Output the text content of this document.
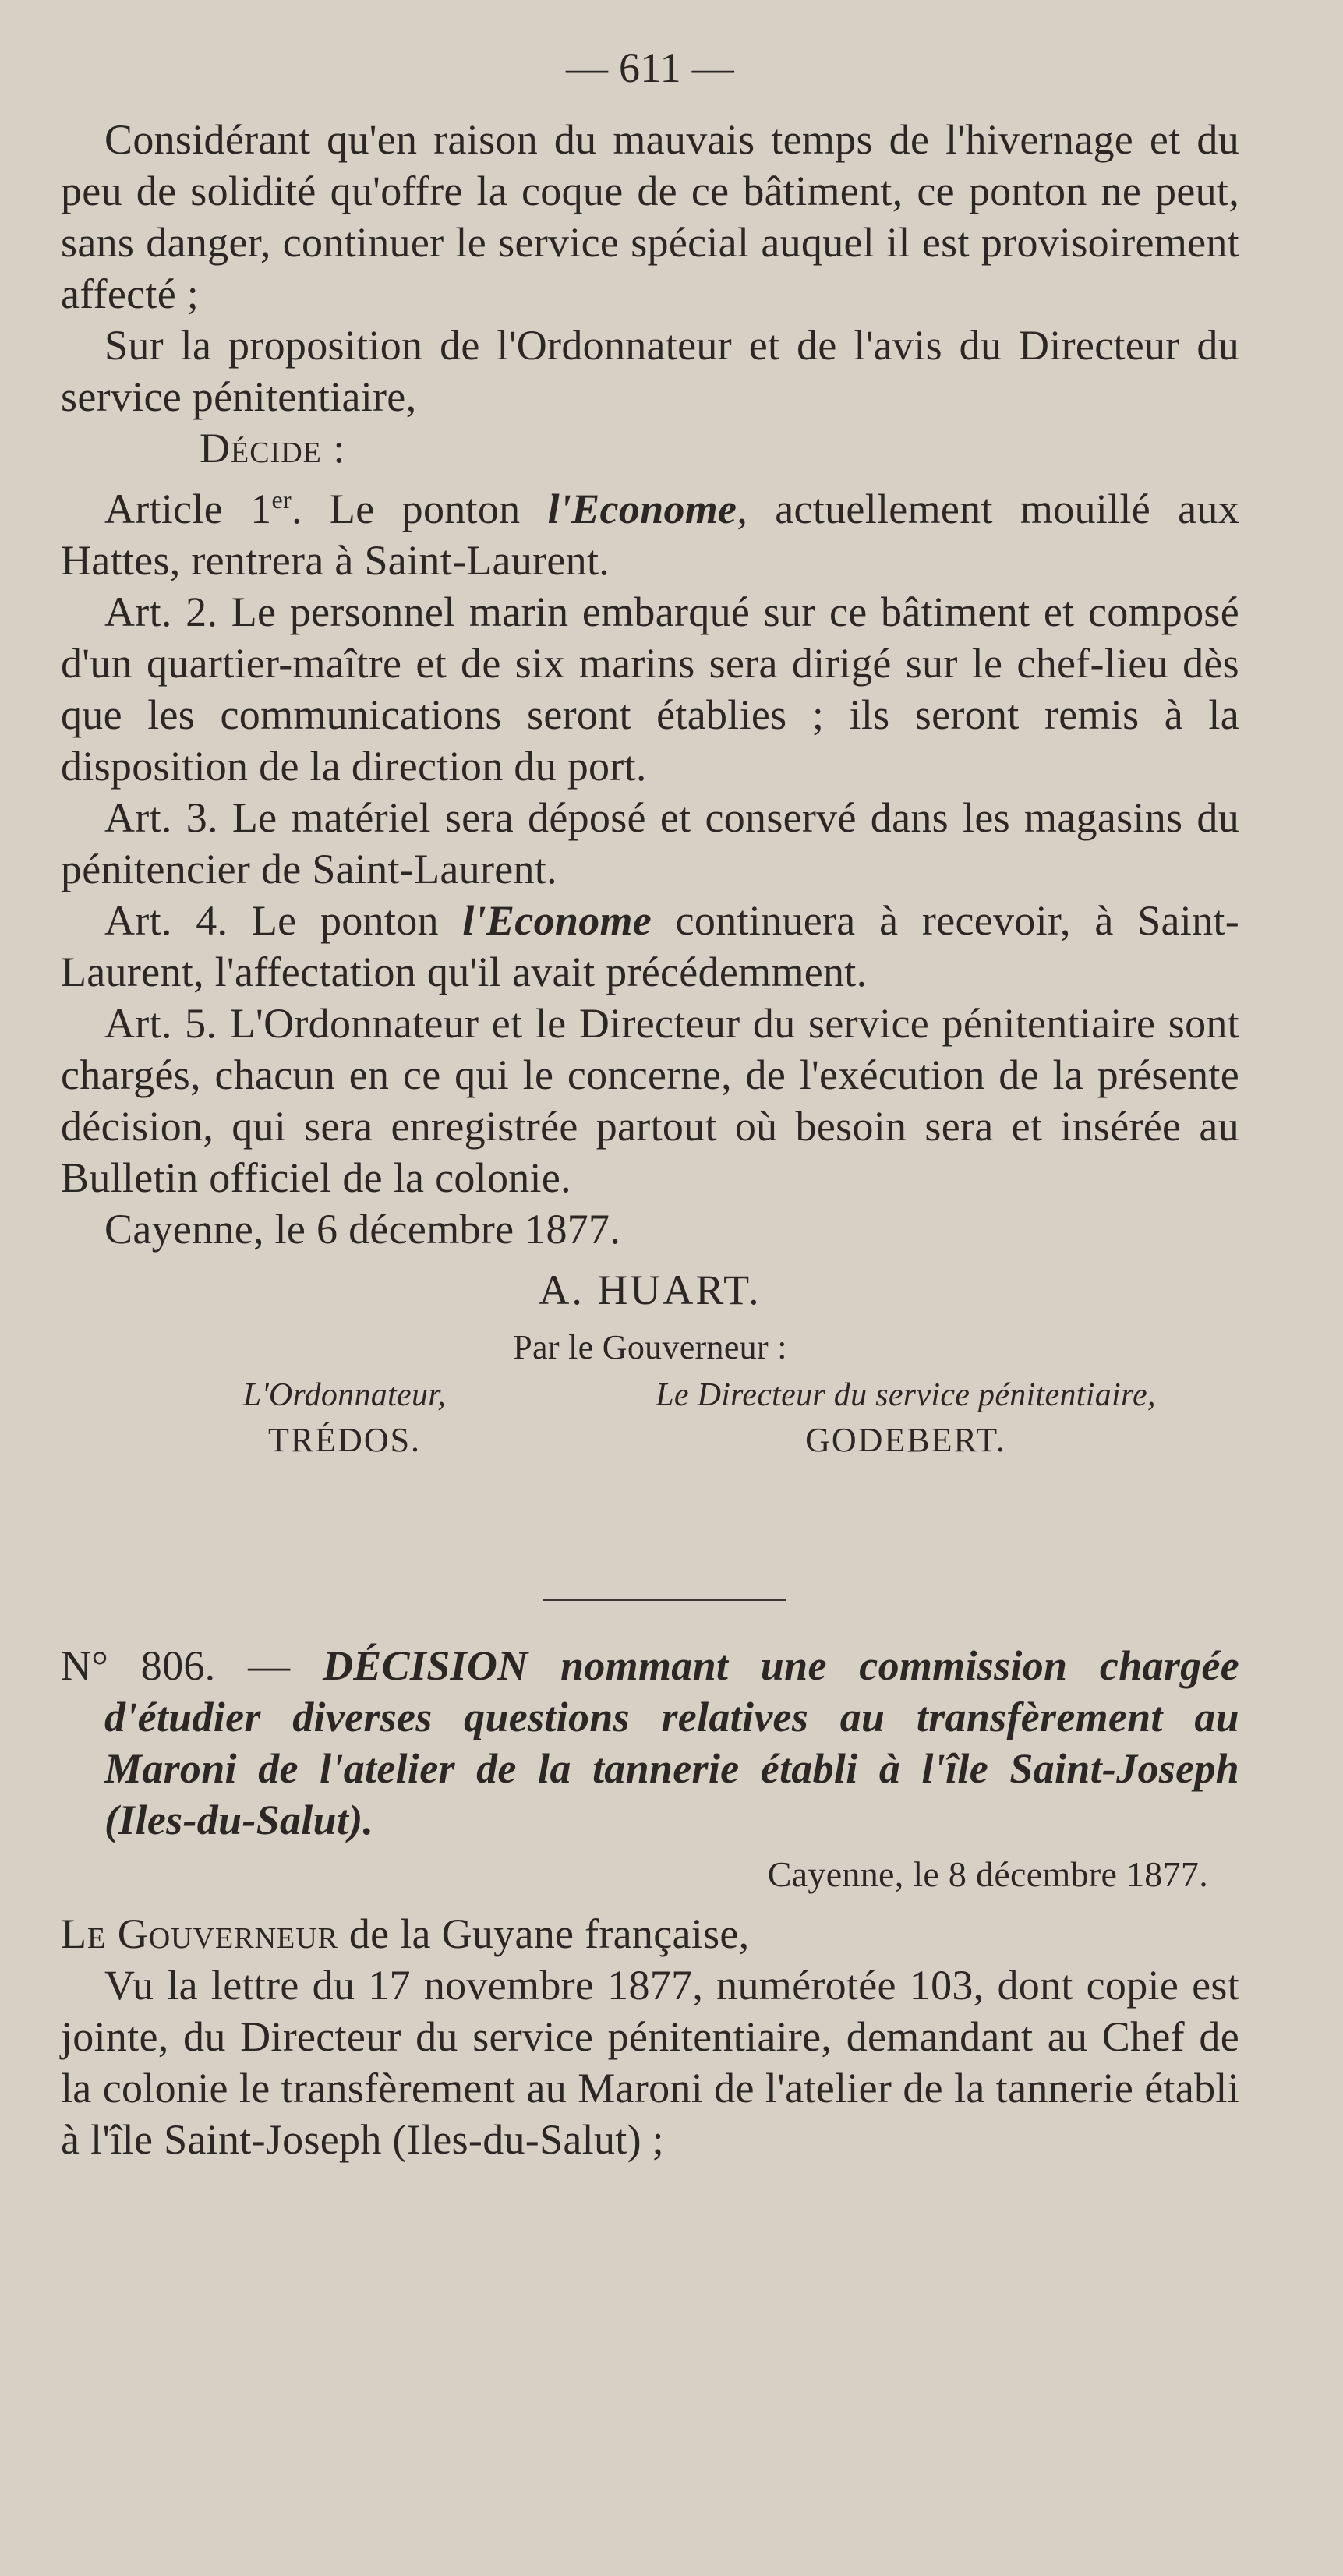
— 611 —

Considérant qu'en raison du mauvais temps de l'hivernage et du peu de solidité qu'offre la coque de ce bâtiment, ce ponton ne peut, sans danger, continuer le service spécial auquel il est provisoirement affecté ;

Sur la proposition de l'Ordonnateur et de l'avis du Directeur du service pénitentiaire,

Décide :

Article 1er. Le ponton l'Econome, actuellement mouillé aux Hattes, rentrera à Saint-Laurent.

Art. 2. Le personnel marin embarqué sur ce bâtiment et composé d'un quartier-maître et de six marins sera dirigé sur le chef-lieu dès que les communications seront établies ; ils seront remis à la disposition de la direction du port.

Art. 3. Le matériel sera déposé et conservé dans les magasins du pénitencier de Saint-Laurent.

Art. 4. Le ponton l'Econome continuera à recevoir, à Saint-Laurent, l'affectation qu'il avait précédemment.

Art. 5. L'Ordonnateur et le Directeur du service pénitentiaire sont chargés, chacun en ce qui le concerne, de l'exécution de la présente décision, qui sera enregistrée partout où besoin sera et insérée au Bulletin officiel de la colonie.

Cayenne, le 6 décembre 1877.

A. HUART.

Par le Gouverneur :

L'Ordonnateur,	Le Directeur du service pénitentiaire,
TRÉDOS.	GODEBERT.

N° 806. — DÉCISION nommant une commission chargée d'étudier diverses questions relatives au transfèrement au Maroni de l'atelier de la tannerie établi à l'île Saint-Joseph (Iles-du-Salut).

Cayenne, le 8 décembre 1877.

Le Gouverneur de la Guyane française,

Vu la lettre du 17 novembre 1877, numérotée 103, dont copie est jointe, du Directeur du service pénitentiaire, demandant au Chef de la colonie le transfèrement au Maroni de l'atelier de la tannerie établi à l'île Saint-Joseph (Iles-du-Salut) ;
